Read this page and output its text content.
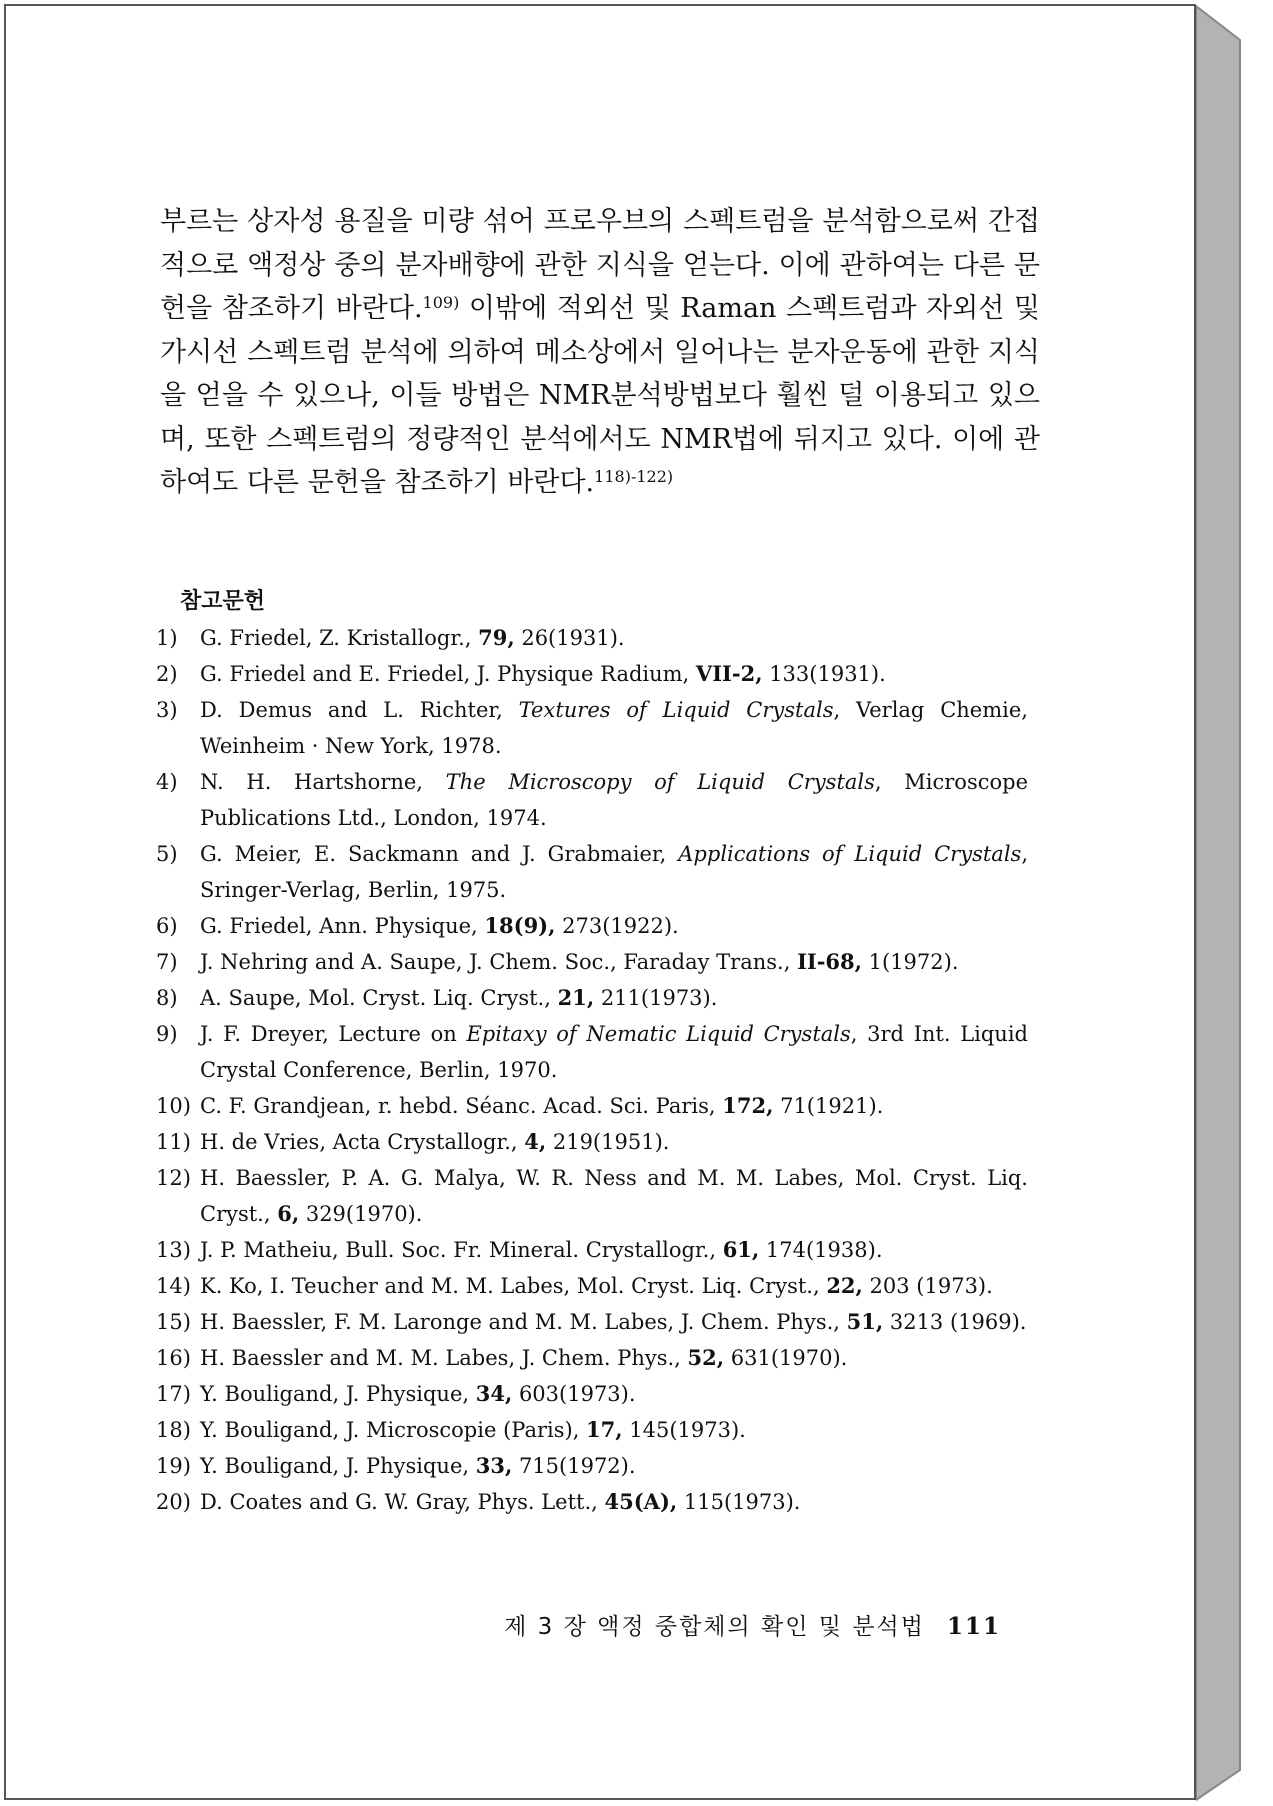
부르는 상자성 용질을 미량 섞어 프로우브의 스펙트럼을 분석함으로써 간접적으로 액정상 중의 분자배향에 관한 지식을 얻는다. 이에 관하여는 다른 문헌을 참조하기 바란다.$^{109)}$ 이밖에 적외선 및 Raman 스펙트럼과 자외선 및 가시선 스펙트럼 분석에 의하여 메소상에서 일어나는 분자운동에 관한 지식을 얻을 수 있으나, 이들 방법은 NMR분석방법보다 훨씬 덜 이용되고 있으며, 또한 스펙트럼의 정량적인 분석에서도 NMR법에 뒤지고 있다. 이에 관하여도 다른 문헌을 참조하기 바란다.$^{118)-122)}$
참고문헌
1) G. Friedel, Z. Kristallogr., 79, 26(1931).
2) G. Friedel and E. Friedel, J. Physique Radium, VII-2, 133(1931).
3) D. Demus and L. Richter, Textures of Liquid Crystals, Verlag Chemie, Weinheim · New York, 1978.
4) N. H. Hartshorne, The Microscopy of Liquid Crystals, Microscope Publications Ltd., London, 1974.
5) G. Meier, E. Sackmann and J. Grabmaier, Applications of Liquid Crystals, Sringer-Verlag, Berlin, 1975.
6) G. Friedel, Ann. Physique, 18(9), 273(1922).
7) J. Nehring and A. Saupe, J. Chem. Soc., Faraday Trans., II-68, 1(1972).
8) A. Saupe, Mol. Cryst. Liq. Cryst., 21, 211(1973).
9) J. F. Dreyer, Lecture on Epitaxy of Nematic Liquid Crystals, 3rd Int. Liquid Crystal Conference, Berlin, 1970.
10) C. F. Grandjean, r. hebd. Séanc. Acad. Sci. Paris, 172, 71(1921).
11) H. de Vries, Acta Crystallogr., 4, 219(1951).
12) H. Baessler, P. A. G. Malya, W. R. Ness and M. M. Labes, Mol. Cryst. Liq. Cryst., 6, 329(1970).
13) J. P. Matheiu, Bull. Soc. Fr. Mineral. Crystallogr., 61, 174(1938).
14) K. Ko, I. Teucher and M. M. Labes, Mol. Cryst. Liq. Cryst., 22, 203 (1973).
15) H. Baessler, F. M. Laronge and M. M. Labes, J. Chem. Phys., 51, 3213 (1969).
16) H. Baessler and M. M. Labes, J. Chem. Phys., 52, 631(1970).
17) Y. Bouligand, J. Physique, 34, 603(1973).
18) Y. Bouligand, J. Microscopie (Paris), 17, 145(1973).
19) Y. Bouligand, J. Physique, 33, 715(1972).
20) D. Coates and G. W. Gray, Phys. Lett., 45(A), 115(1973).
제 3 장 액정 중합체의 확인 및 분석법 111
